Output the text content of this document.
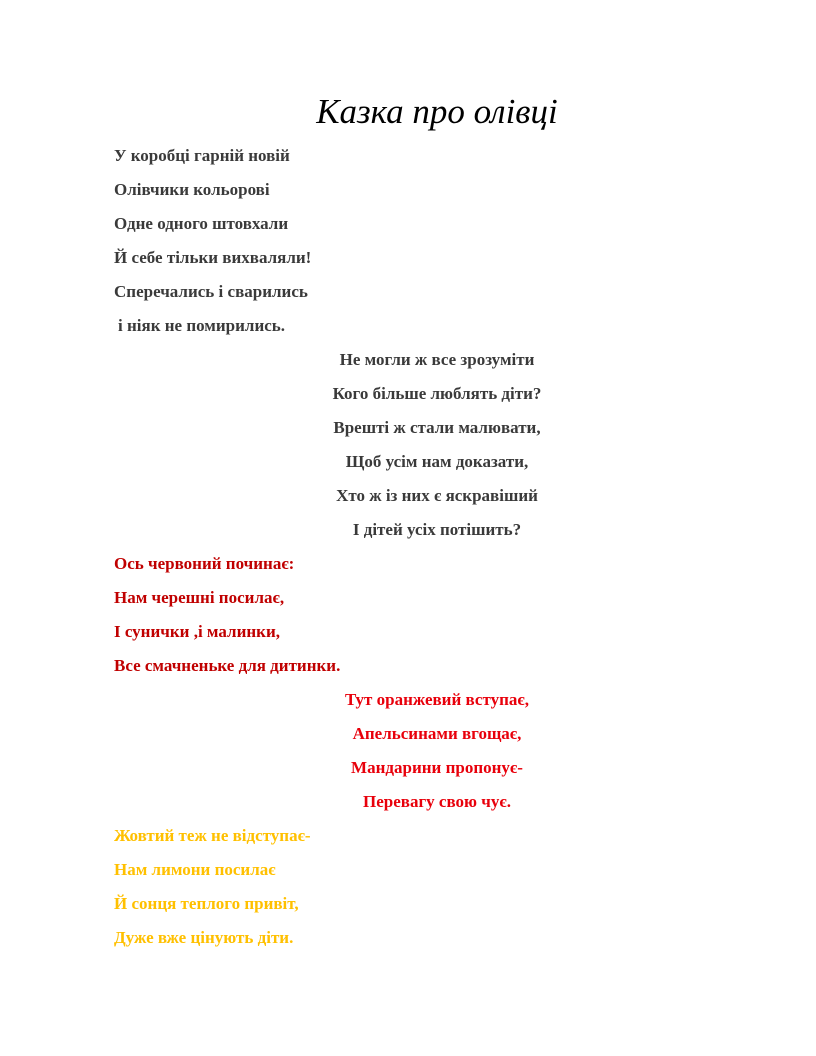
Казка про олівці
У коробці гарній новій
Олівчики кольорові
Одне одного штовхали
Й себе тільки вихваляли!
Сперечались і сварились
і ніяк не помирились.
Не могли ж все зрозуміти
Кого більше люблять діти?
Врешті ж стали малювати,
Щоб усім нам доказати,
Хто ж із них є яскравіший
І дітей усіх потішить?
Ось червоний починає:
Нам черешні посилає,
І сунички ,і малинки,
Все смачненьке для дитинки.
Тут оранжевий вступає,
Апельсинами вгощає,
Мандарини пропонує-
Перевагу свою чує.
Жовтий теж не відступає-
Нам лимони посилає
Й сонця теплого привіт,
Дуже вже цінують діти.
